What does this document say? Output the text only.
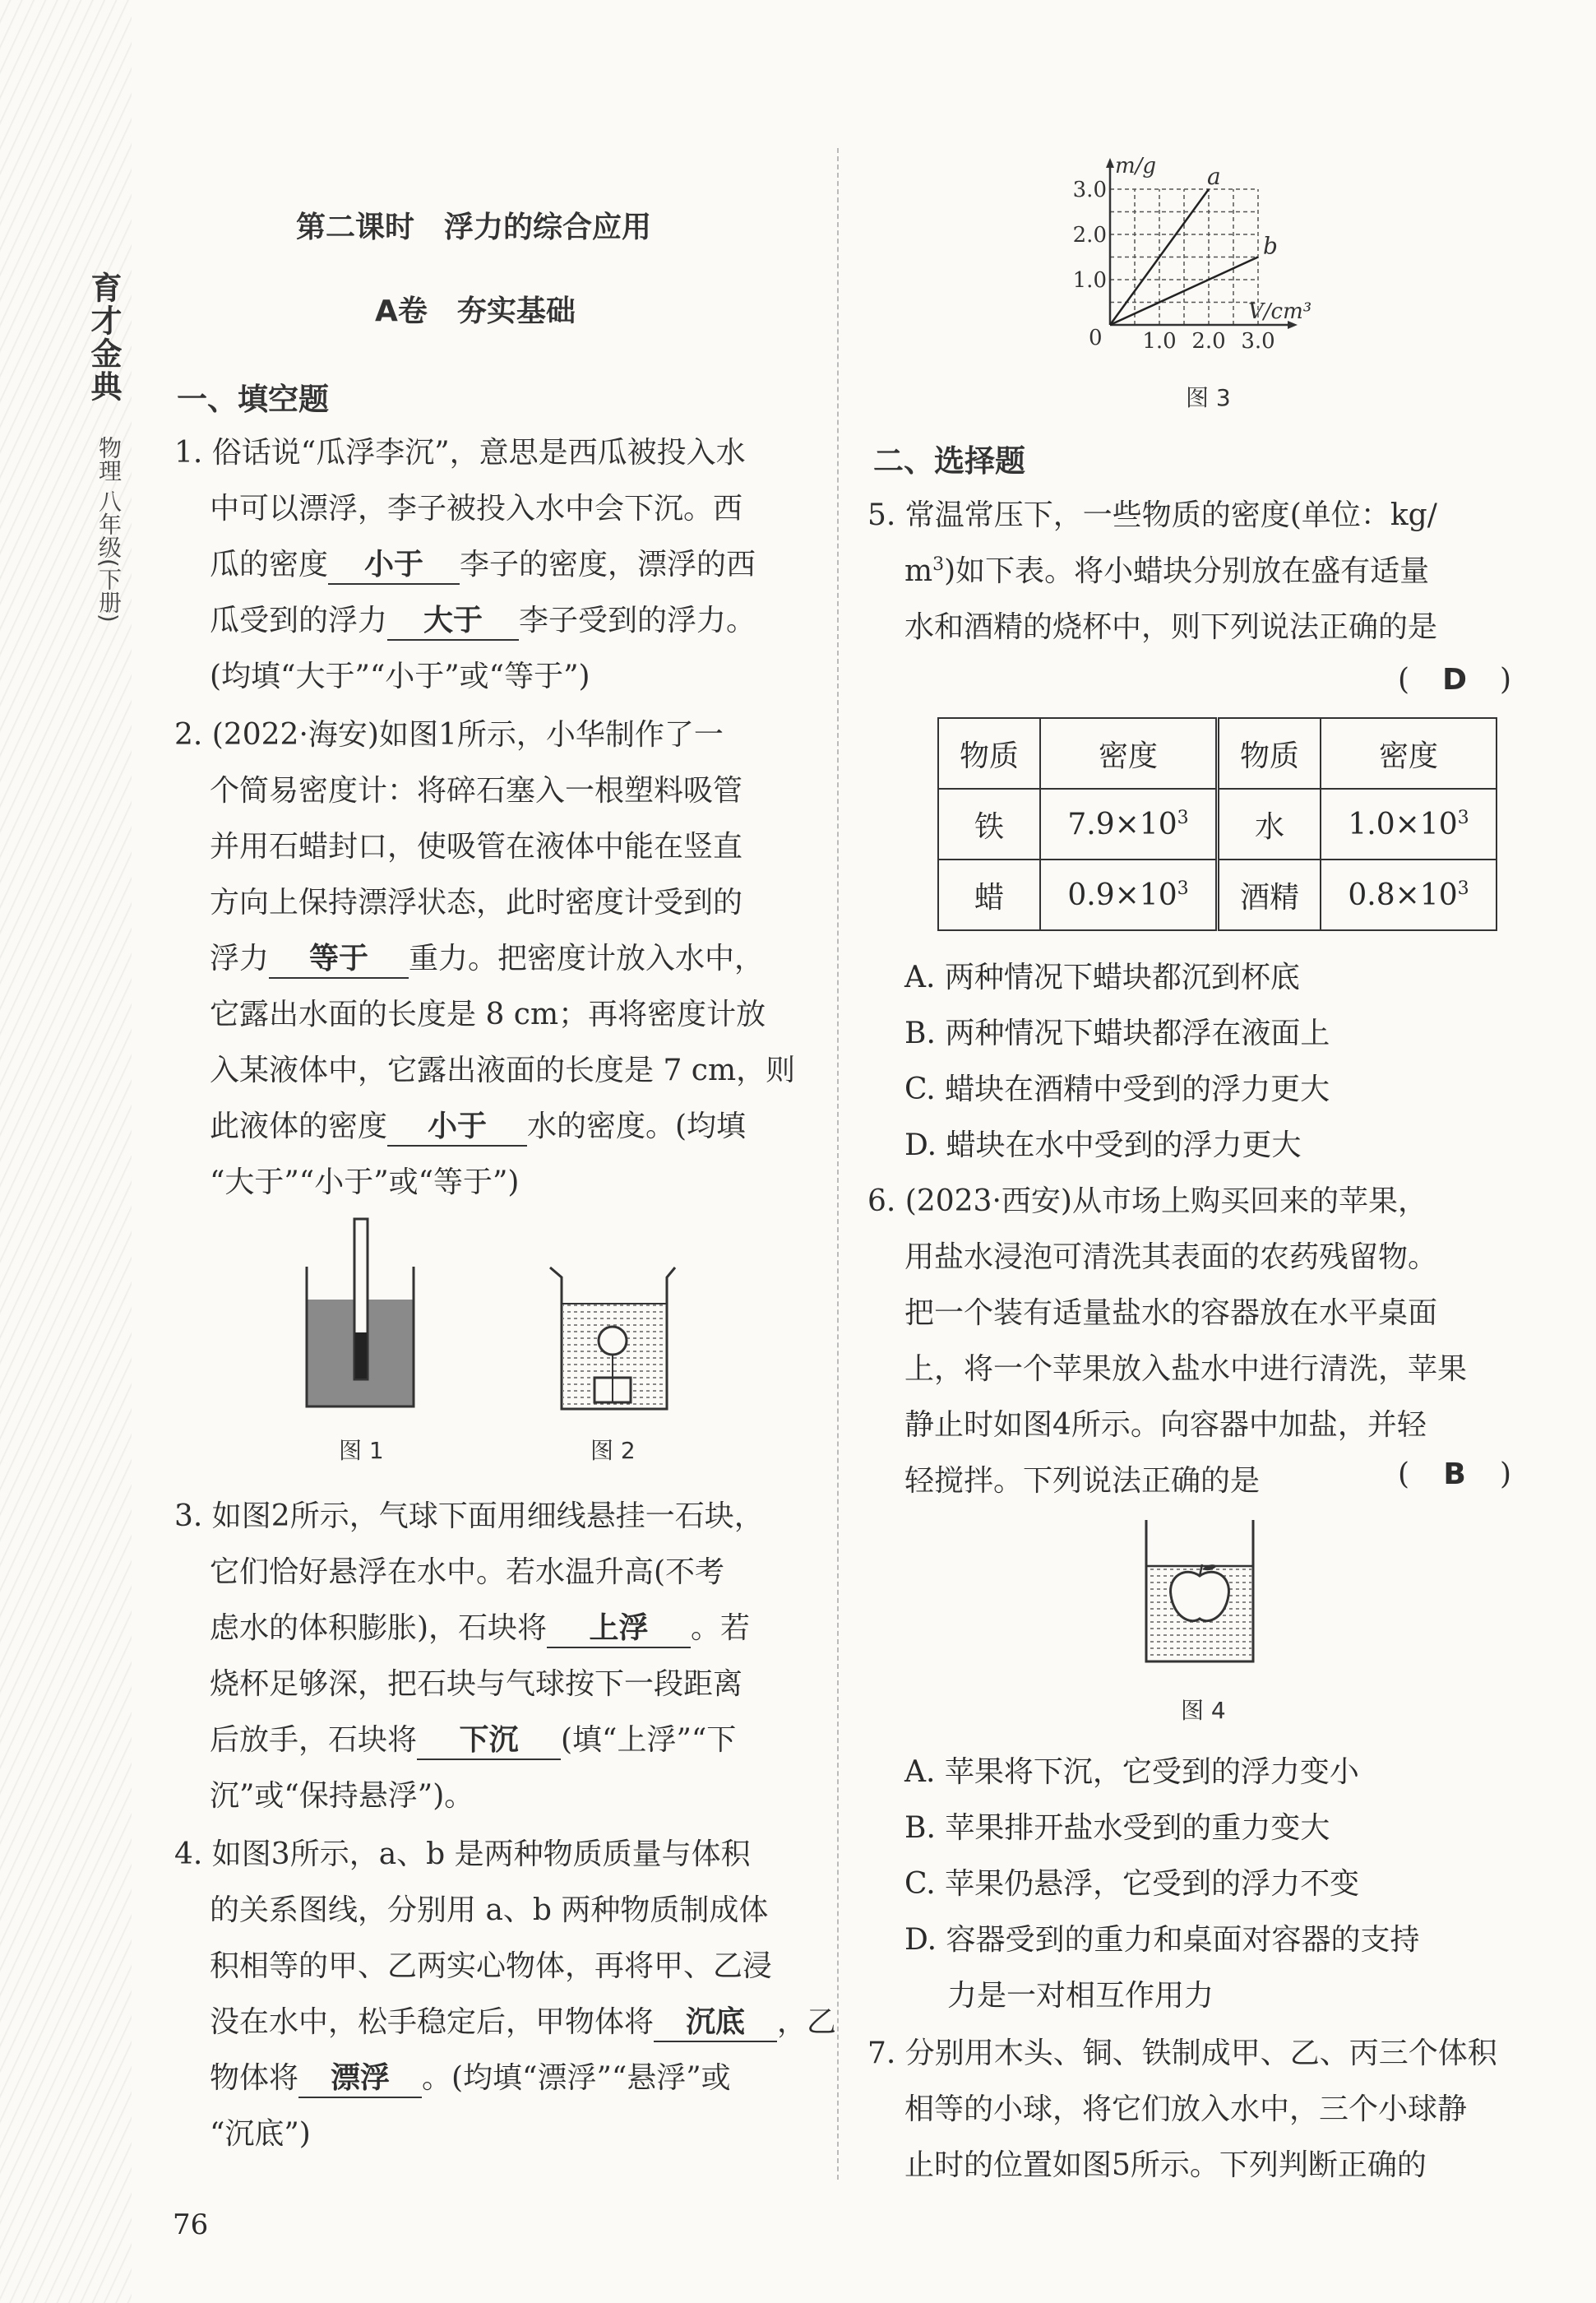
育才金典
物理 八年级(下册)
第二课时　浮力的综合应用
A卷　夯实基础
一、填空题
1. 俗话说“瓜浮李沉”，意思是西瓜被投入水
中可以漂浮，李子被投入水中会下沉。西
瓜的密度 小于 李子的密度，漂浮的西
瓜受到的浮力 大于 李子受到的浮力。
(均填“大于”“小于”或“等于”)
2. (2022·海安)如图1所示，小华制作了一
个简易密度计：将碎石塞入一根塑料吸管
并用石蜡封口，使吸管在液体中能在竖直
方向上保持漂浮状态，此时密度计受到的
浮力 等于 重力。把密度计放入水中，
它露出水面的长度是 8 cm；再将密度计放
入某液体中，它露出液面的长度是 7 cm，则
此液体的密度 小于 水的密度。(均填
“大于”“小于”或“等于”)
图 1	图 2
3. 如图2所示，气球下面用细线悬挂一石块，
它们恰好悬浮在水中。若水温升高(不考
虑水的体积膨胀)，石块将 上浮 。若
烧杯足够深，把石块与气球按下一段距离
后放手，石块将 下沉 (填“上浮”“下
沉”或“保持悬浮”)。
4. 如图3所示，a、b 是两种物质质量与体积
的关系图线，分别用 a、b 两种物质制成体
积相等的甲、乙两实心物体，再将甲、乙浸
没在水中，松手稳定后，甲物体将 沉底 ，乙
物体将 漂浮 。(均填“漂浮”“悬浮”或
“沉底”)
76
m/g
V/cm³
0
1.0
2.0
3.0
1.0 2.0 3.0
a
b
图 3
二、选择题
5. 常温常压下，一些物质的密度(单位：kg/
$m^3$)如下表。将小蜡块分别放在盛有适量
水和酒精的烧杯中，则下列说法正确的是
( D )
物质	密度	物质	密度
铁	$7.9\times 10^3$	水	$1.0\times 10^3$
蜡	$0.9\times 10^3$	酒精	$0.8\times 10^3$
A. 两种情况下蜡块都沉到杯底
B. 两种情况下蜡块都浮在液面上
C. 蜡块在酒精中受到的浮力更大
D. 蜡块在水中受到的浮力更大
6. (2023·西安)从市场上购买回来的苹果，
用盐水浸泡可清洗其表面的农药残留物。
把一个装有适量盐水的容器放在水平桌面
上，将一个苹果放入盐水中进行清洗，苹果
静止时如图4所示。向容器中加盐，并轻
轻搅拌。下列说法正确的是	( B )
图 4
A. 苹果将下沉，它受到的浮力变小
B. 苹果排开盐水受到的重力变大
C. 苹果仍悬浮，它受到的浮力不变
D. 容器受到的重力和桌面对容器的支持
力是一对相互作用力
7. 分别用木头、铜、铁制成甲、乙、丙三个体积
相等的小球，将它们放入水中，三个小球静
止时的位置如图5所示。下列判断正确的
